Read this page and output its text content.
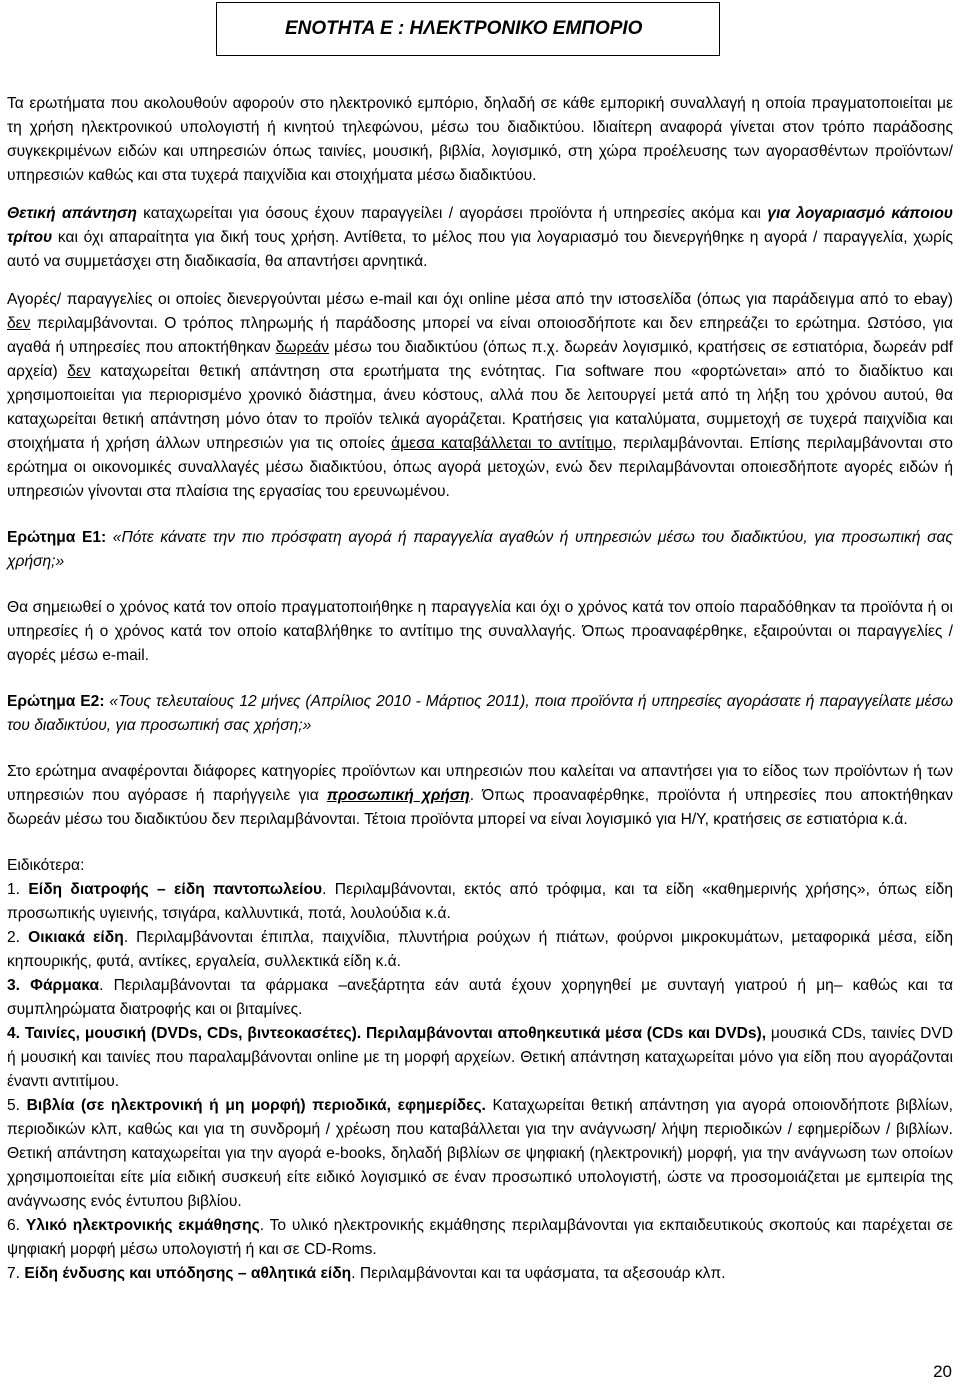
ΕΝΟΤΗΤΑ Ε : ΗΛΕΚΤΡΟΝΙΚΟ ΕΜΠΟΡΙΟ

Τα ερωτήματα που ακολουθούν αφορούν στο ηλεκτρονικό εμπόριο, δηλαδή σε κάθε εμπορική συναλλαγή η οποία πραγματοποιείται με τη χρήση ηλεκτρονικού υπολογιστή ή κινητού τηλεφώνου, μέσω του διαδικτύου. Ιδιαίτερη αναφορά γίνεται στον τρόπο παράδοσης συγκεκριμένων ειδών και υπηρεσιών όπως ταινίες, μουσική, βιβλία, λογισμικό, στη χώρα προέλευσης των αγορασθέντων προϊόντων/υπηρεσιών καθώς και στα τυχερά παιχνίδια και στοιχήματα μέσω διαδικτύου.

Θετική απάντηση καταχωρείται για όσους έχουν παραγγείλει / αγοράσει προϊόντα ή υπηρεσίες ακόμα και για λογαριασμό κάποιου τρίτου και όχι απαραίτητα για δική τους χρήση. Αντίθετα, το μέλος που για λογαριασμό του διενεργήθηκε η αγορά / παραγγελία, χωρίς αυτό να συμμετάσχει στη διαδικασία, θα απαντήσει αρνητικά.

Αγορές/ παραγγελίες οι οποίες διενεργούνται μέσω e-mail και όχι online μέσα από την ιστοσελίδα (όπως για παράδειγμα από το ebay) δεν περιλαμβάνονται. Ο τρόπος πληρωμής ή παράδοσης μπορεί να είναι οποιοσδήποτε και δεν επηρεάζει το ερώτημα. Ωστόσο, για αγαθά ή υπηρεσίες που αποκτήθηκαν δωρεάν μέσω του διαδικτύου (όπως π.χ. δωρεάν λογισμικό, κρατήσεις σε εστιατόρια, δωρεάν pdf αρχεία) δεν καταχωρείται θετική απάντηση στα ερωτήματα της ενότητας. Για software που «φορτώνεται» από το διαδίκτυο και χρησιμοποιείται για περιορισμένο χρονικό διάστημα, άνευ κόστους, αλλά που δε λειτουργεί μετά από τη λήξη του χρόνου αυτού, θα καταχωρείται θετική απάντηση μόνο όταν το προϊόν τελικά αγοράζεται. Κρατήσεις για καταλύματα, συμμετοχή σε τυχερά παιχνίδια και στοιχήματα ή χρήση άλλων υπηρεσιών για τις οποίες άμεσα καταβάλλεται το αντίτιμο, περιλαμβάνονται. Επίσης περιλαμβάνονται στο ερώτημα οι οικονομικές συναλλαγές μέσω διαδικτύου, όπως αγορά μετοχών, ενώ δεν περιλαμβάνονται οποιεσδήποτε αγορές ειδών ή υπηρεσιών γίνονται στα πλαίσια της εργασίας του ερευνωμένου.

Ερώτημα Ε1: «Πότε κάνατε την πιο πρόσφατη αγορά ή παραγγελία αγαθών ή υπηρεσιών μέσω του διαδικτύου, για προσωπική σας χρήση;»

Θα σημειωθεί ο χρόνος κατά τον οποίο πραγματοποιήθηκε η παραγγελία και όχι ο χρόνος κατά τον οποίο παραδόθηκαν τα προϊόντα ή οι υπηρεσίες ή ο χρόνος κατά τον οποίο καταβλήθηκε το αντίτιμο της συναλλαγής. Όπως προαναφέρθηκε, εξαιρούνται οι παραγγελίες / αγορές μέσω e-mail.

Ερώτημα Ε2: «Τους τελευταίους 12 μήνες (Απρίλιος 2010 - Μάρτιος 2011), ποια προϊόντα ή υπηρεσίες αγοράσατε ή παραγγείλατε μέσω του διαδικτύου, για προσωπική σας χρήση;»

Στο ερώτημα αναφέρονται διάφορες κατηγορίες προϊόντων και υπηρεσιών που καλείται να απαντήσει για το είδος των προϊόντων ή των υπηρεσιών που αγόρασε ή παρήγγειλε για προσωπική χρήση. Όπως προαναφέρθηκε, προϊόντα ή υπηρεσίες που αποκτήθηκαν δωρεάν μέσω του διαδικτύου δεν περιλαμβάνονται. Τέτοια προϊόντα μπορεί να είναι λογισμικό για Η/Υ, κρατήσεις σε εστιατόρια κ.ά.

Ειδικότερα:

1. Είδη διατροφής – είδη παντοπωλείου. Περιλαμβάνονται, εκτός από τρόφιμα, και τα είδη «καθημερινής χρήσης», όπως είδη προσωπικής υγιεινής, τσιγάρα, καλλυντικά, ποτά, λουλούδια κ.ά.

2. Οικιακά είδη. Περιλαμβάνονται έπιπλα, παιχνίδια, πλυντήρια ρούχων ή πιάτων, φούρνοι μικροκυμάτων, μεταφορικά μέσα, είδη κηπουρικής, φυτά, αντίκες, εργαλεία, συλλεκτικά είδη κ.ά.

3. Φάρμακα. Περιλαμβάνονται τα φάρμακα –ανεξάρτητα εάν αυτά έχουν χορηγηθεί με συνταγή γιατρού ή μη– καθώς και τα συμπληρώματα διατροφής και οι βιταμίνες.

4. Ταινίες, μουσική (DVDs, CDs, βιντεοκασέτες). Περιλαμβάνονται αποθηκευτικά μέσα (CDs και DVDs), μουσικά CDs, ταινίες DVD ή μουσική και ταινίες που παραλαμβάνονται online με τη μορφή αρχείων. Θετική απάντηση καταχωρείται μόνο για είδη που αγοράζονται έναντι αντιτίμου.

5. Βιβλία (σε ηλεκτρονική ή μη μορφή) περιοδικά, εφημερίδες. Καταχωρείται θετική απάντηση για αγορά οποιονδήποτε βιβλίων, περιοδικών κλπ, καθώς και για τη συνδρομή / χρέωση που καταβάλλεται για την ανάγνωση/ λήψη περιοδικών / εφημερίδων / βιβλίων. Θετική απάντηση καταχωρείται για την αγορά e-books, δηλαδή βιβλίων σε ψηφιακή (ηλεκτρονική) μορφή, για την ανάγνωση των οποίων χρησιμοποιείται είτε μία ειδική συσκευή είτε ειδικό λογισμικό σε έναν προσωπικό υπολογιστή, ώστε να προσομοιάζεται με εμπειρία της ανάγνωσης ενός έντυπου βιβλίου.

6. Υλικό ηλεκτρονικής εκμάθησης. Το υλικό ηλεκτρονικής εκμάθησης περιλαμβάνονται για εκπαιδευτικούς σκοπούς και παρέχεται σε ψηφιακή μορφή μέσω υπολογιστή ή και σε CD-Roms.

7. Είδη ένδυσης και υπόδησης – αθλητικά είδη. Περιλαμβάνονται και τα υφάσματα, τα αξεσουάρ κλπ.

20
